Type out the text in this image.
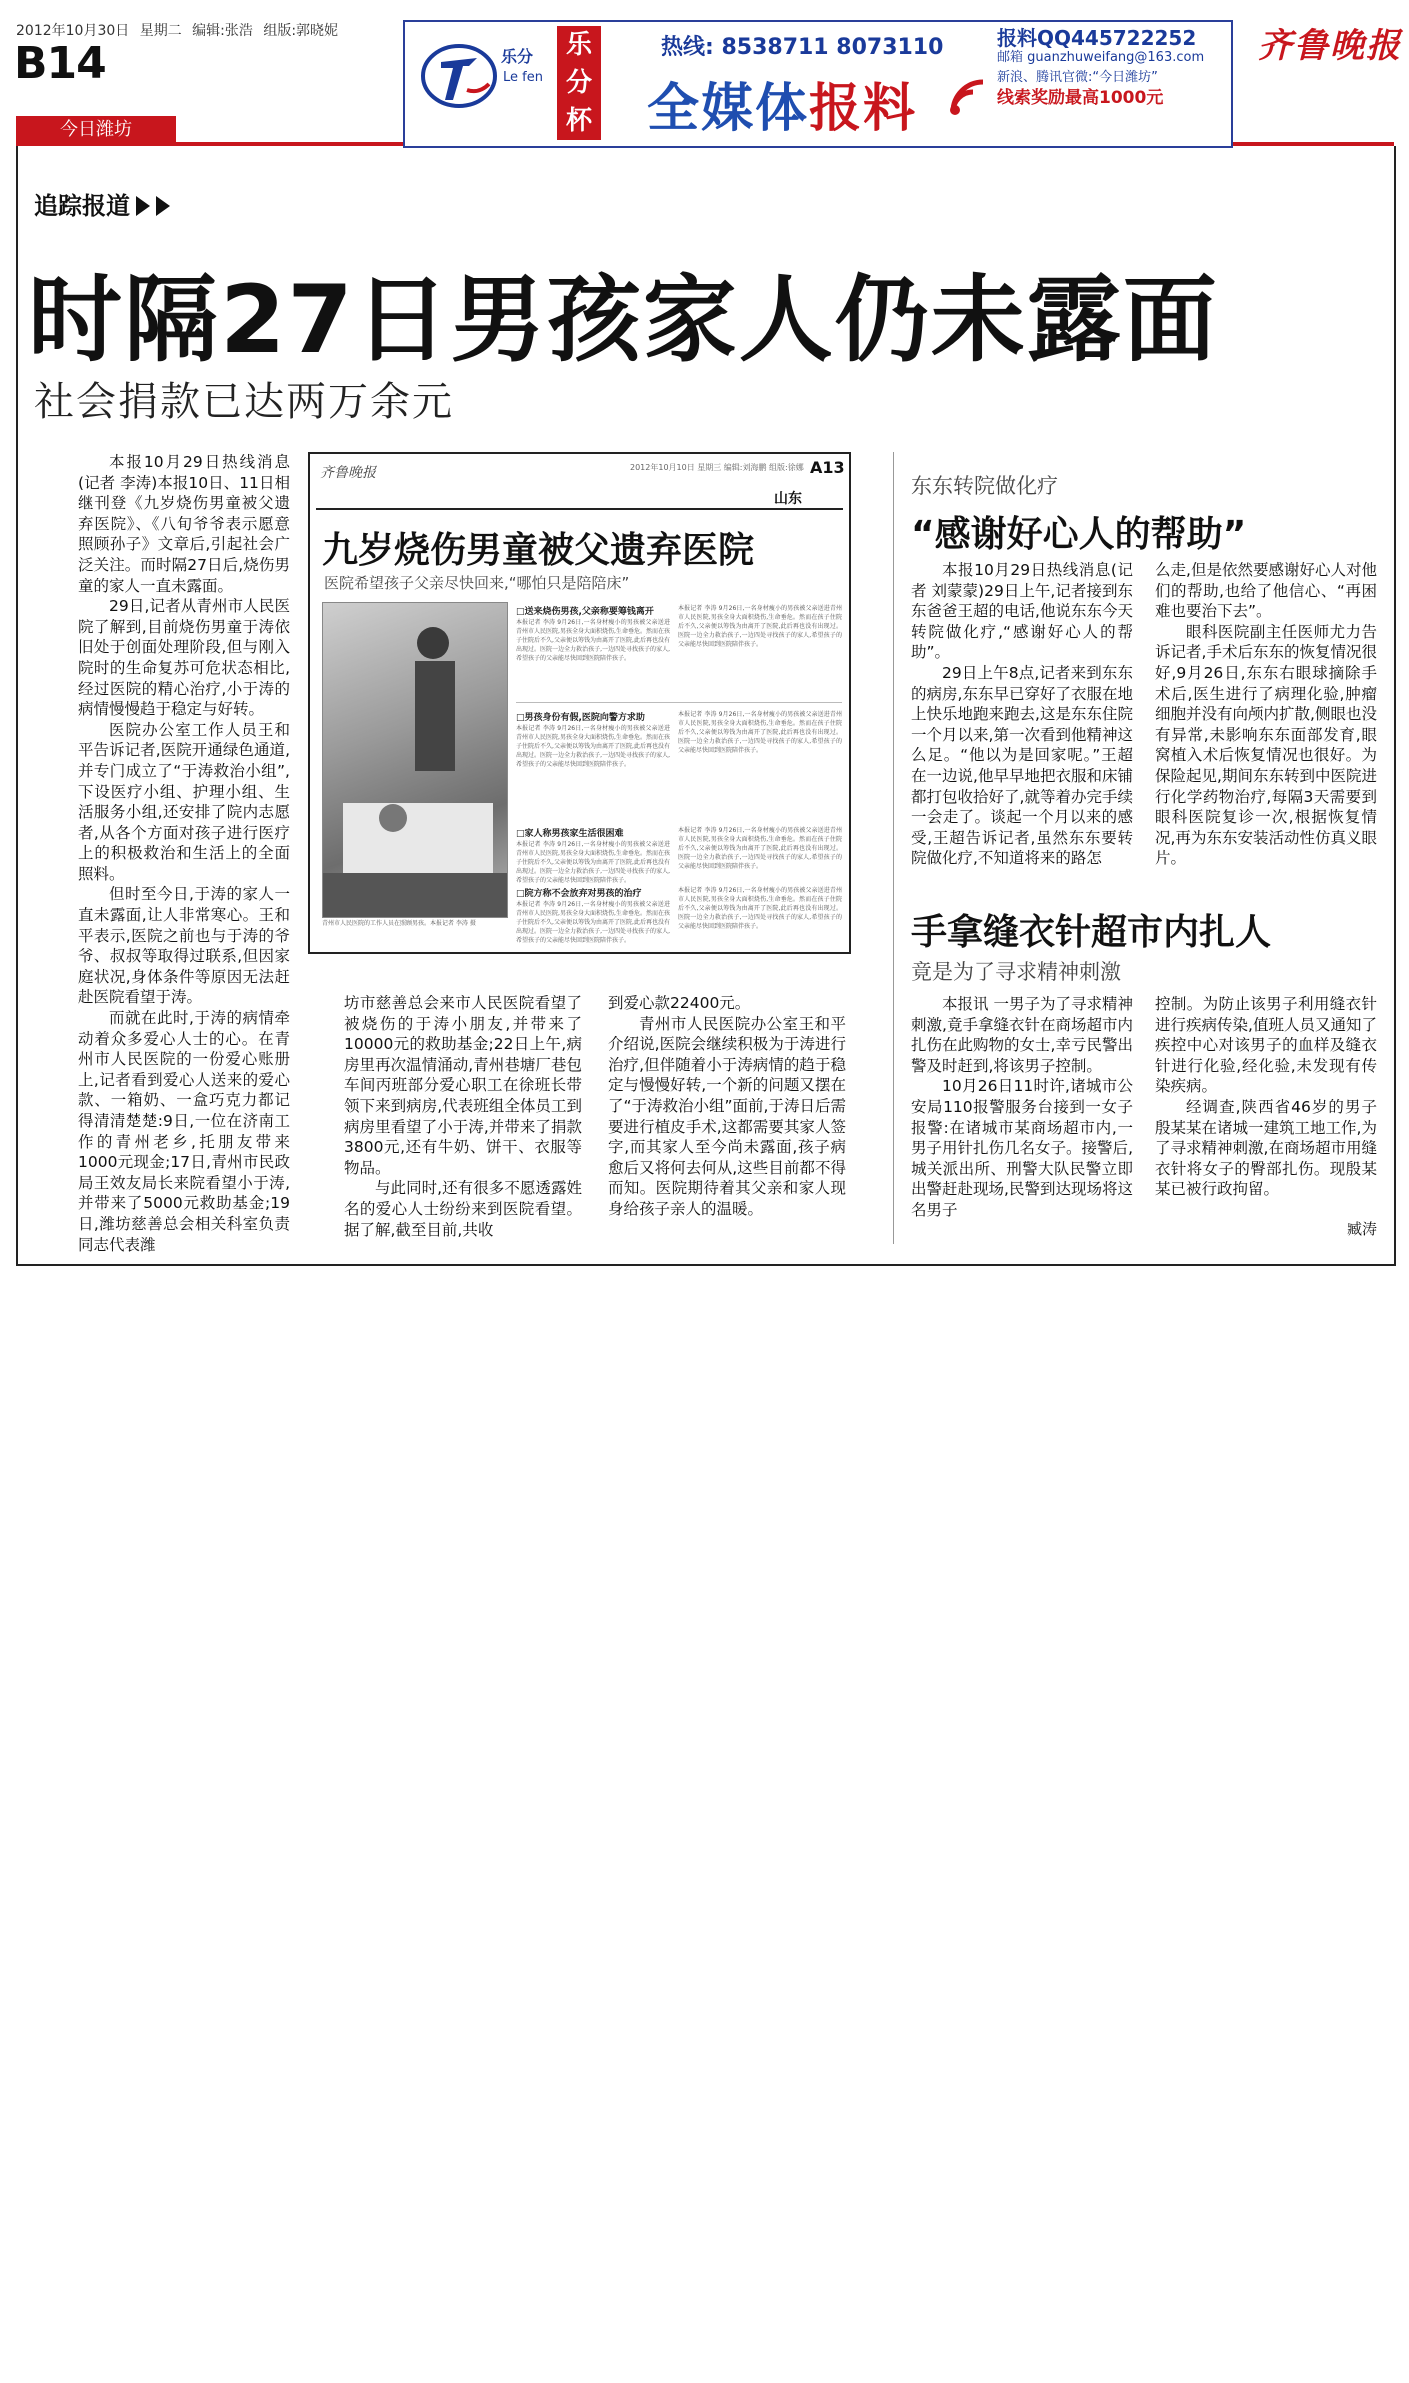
2012年10月30日 星期二 编辑:张浩 组版:郭晓妮
B14
今日潍坊
齐鲁晚报
乐分
Le fen
乐分杯
热线: 8538711 8073110
全媒体报料
报料QQ445722252
邮箱 guanzhuweifang@163.com
新浪、腾讯官微:“今日潍坊”
线索奖励最高1000元
追踪报道
时隔27日男孩家人仍未露面
社会捐款已达两万余元

本报10月29日热线消息(记者 李涛)本报10日、11日相继刊登《九岁烧伤男童被父遗弃医院》、《八旬爷爷表示愿意照顾孙子》文章后,引起社会广泛关注。而时隔27日后,烧伤男童的家人一直未露面。

29日,记者从青州市人民医院了解到,目前烧伤男童于涛依旧处于创面处理阶段,但与刚入院时的生命复苏可危状态相比,经过医院的精心治疗,小于涛的病情慢慢趋于稳定与好转。

医院办公室工作人员王和平告诉记者,医院开通绿色通道,并专门成立了“于涛救治小组”,下设医疗小组、护理小组、生活服务小组,还安排了院内志愿者,从各个方面对孩子进行医疗上的积极救治和生活上的全面照料。

但时至今日,于涛的家人一直未露面,让人非常寒心。王和平表示,医院之前也与于涛的爷爷、叔叔等取得过联系,但因家庭状况,身体条件等原因无法赶赴医院看望于涛。

而就在此时,于涛的病情牵动着众多爱心人士的心。在青州市人民医院的一份爱心账册上,记者看到爱心人送来的爱心款、一箱奶、一盒巧克力都记得清清楚楚:9日,一位在济南工作的青州老乡,托朋友带来1000元现金;17日,青州市民政局王效友局长来院看望小于涛,并带来了5000元救助基金;19日,潍坊慈善总会相关科室负责同志代表潍

齐鲁晚报	2012年10月10日 星期三 编辑:刘海鹏 组版:徐娜 A13
山东
九岁烧伤男童被父遗弃医院
医院希望孩子父亲尽快回来,“哪怕只是陪陪床”
青州市人民医院的工作人员在照顾男孩。本报记者 李涛 摄
□送来烧伤男孩,父亲称要筹钱离开
本报记者 李涛 9月26日,一名身材瘦小的男孩被父亲送进青州市人民医院,男孩全身大面积烧伤,生命垂危。然而在孩子住院后不久,父亲便以筹钱为由离开了医院,此后再也没有出现过。医院一边全力救治孩子,一边四处寻找孩子的家人,希望孩子的父亲能尽快回到医院陪伴孩子。
本报记者 李涛 9月26日,一名身材瘦小的男孩被父亲送进青州市人民医院,男孩全身大面积烧伤,生命垂危。然而在孩子住院后不久,父亲便以筹钱为由离开了医院,此后再也没有出现过。医院一边全力救治孩子,一边四处寻找孩子的家人,希望孩子的父亲能尽快回到医院陪伴孩子。
□男孩身份有假,医院向警方求助
本报记者 李涛 9月26日,一名身材瘦小的男孩被父亲送进青州市人民医院,男孩全身大面积烧伤,生命垂危。然而在孩子住院后不久,父亲便以筹钱为由离开了医院,此后再也没有出现过。医院一边全力救治孩子,一边四处寻找孩子的家人,希望孩子的父亲能尽快回到医院陪伴孩子。
本报记者 李涛 9月26日,一名身材瘦小的男孩被父亲送进青州市人民医院,男孩全身大面积烧伤,生命垂危。然而在孩子住院后不久,父亲便以筹钱为由离开了医院,此后再也没有出现过。医院一边全力救治孩子,一边四处寻找孩子的家人,希望孩子的父亲能尽快回到医院陪伴孩子。
□家人称男孩家生活很困难
本报记者 李涛 9月26日,一名身材瘦小的男孩被父亲送进青州市人民医院,男孩全身大面积烧伤,生命垂危。然而在孩子住院后不久,父亲便以筹钱为由离开了医院,此后再也没有出现过。医院一边全力救治孩子,一边四处寻找孩子的家人,希望孩子的父亲能尽快回到医院陪伴孩子。
本报记者 李涛 9月26日,一名身材瘦小的男孩被父亲送进青州市人民医院,男孩全身大面积烧伤,生命垂危。然而在孩子住院后不久,父亲便以筹钱为由离开了医院,此后再也没有出现过。医院一边全力救治孩子,一边四处寻找孩子的家人,希望孩子的父亲能尽快回到医院陪伴孩子。
□院方称不会放弃对男孩的治疗
本报记者 李涛 9月26日,一名身材瘦小的男孩被父亲送进青州市人民医院,男孩全身大面积烧伤,生命垂危。然而在孩子住院后不久,父亲便以筹钱为由离开了医院,此后再也没有出现过。医院一边全力救治孩子,一边四处寻找孩子的家人,希望孩子的父亲能尽快回到医院陪伴孩子。
本报记者 李涛 9月26日,一名身材瘦小的男孩被父亲送进青州市人民医院,男孩全身大面积烧伤,生命垂危。然而在孩子住院后不久,父亲便以筹钱为由离开了医院,此后再也没有出现过。医院一边全力救治孩子,一边四处寻找孩子的家人,希望孩子的父亲能尽快回到医院陪伴孩子。

坊市慈善总会来市人民医院看望了被烧伤的于涛小朋友,并带来了10000元的救助基金;22日上午,病房里再次温情涌动,青州巷塘厂巷包车间丙班部分爱心职工在徐班长带领下来到病房,代表班组全体员工到病房里看望了小于涛,并带来了捐款3800元,还有牛奶、饼干、衣服等物品。

与此同时,还有很多不愿透露姓名的爱心人士纷纷来到医院看望。据了解,截至目前,共收

到爱心款22400元。

青州市人民医院办公室王和平介绍说,医院会继续积极为于涛进行治疗,但伴随着小于涛病情的趋于稳定与慢慢好转,一个新的问题又摆在了“于涛救治小组”面前,于涛日后需要进行植皮手术,这都需要其家人签字,而其家人至今尚未露面,孩子病愈后又将何去何从,这些目前都不得而知。医院期待着其父亲和家人现身给孩子亲人的温暖。

东东转院做化疗
“感谢好心人的帮助”

本报10月29日热线消息(记者 刘蒙蒙)29日上午,记者接到东东爸爸王超的电话,他说东东今天转院做化疗,“感谢好心人的帮助”。

29日上午8点,记者来到东东的病房,东东早已穿好了衣服在地上快乐地跑来跑去,这是东东住院一个月以来,第一次看到他精神这么足。“他以为是回家呢。”王超在一边说,他早早地把衣服和床铺都打包收拾好了,就等着办完手续一会走了。谈起一个月以来的感受,王超告诉记者,虽然东东要转院做化疗,不知道将来的路怎

么走,但是依然要感谢好心人对他们的帮助,也给了他信心、“再困难也要治下去”。

眼科医院副主任医师尤力告诉记者,手术后东东的恢复情况很好,9月26日,东东右眼球摘除手术后,医生进行了病理化验,肿瘤细胞并没有向颅内扩散,侧眼也没有异常,未影响东东面部发育,眼窝植入术后恢复情况也很好。为保险起见,期间东东转到中医院进行化学药物治疗,每隔3天需要到眼科医院复诊一次,根据恢复情况,再为东东安装活动性仿真义眼片。

手拿缝衣针超市内扎人
竟是为了寻求精神刺激

本报讯 一男子为了寻求精神刺激,竟手拿缝衣针在商场超市内扎伤在此购物的女士,幸亏民警出警及时赶到,将该男子控制。

10月26日11时许,诸城市公安局110报警服务台接到一女子报警:在诸城市某商场超市内,一男子用针扎伤几名女子。接警后,城关派出所、刑警大队民警立即出警赶赴现场,民警到达现场将这名男子

控制。为防止该男子利用缝衣针进行疾病传染,值班人员又通知了疾控中心对该男子的血样及缝衣针进行化验,经化验,未发现有传染疾病。

经调查,陕西省46岁的男子殷某某在诸城一建筑工地工作,为了寻求精神刺激,在商场超市用缝衣针将女子的臀部扎伤。现殷某某已被行政拘留。

臧涛
